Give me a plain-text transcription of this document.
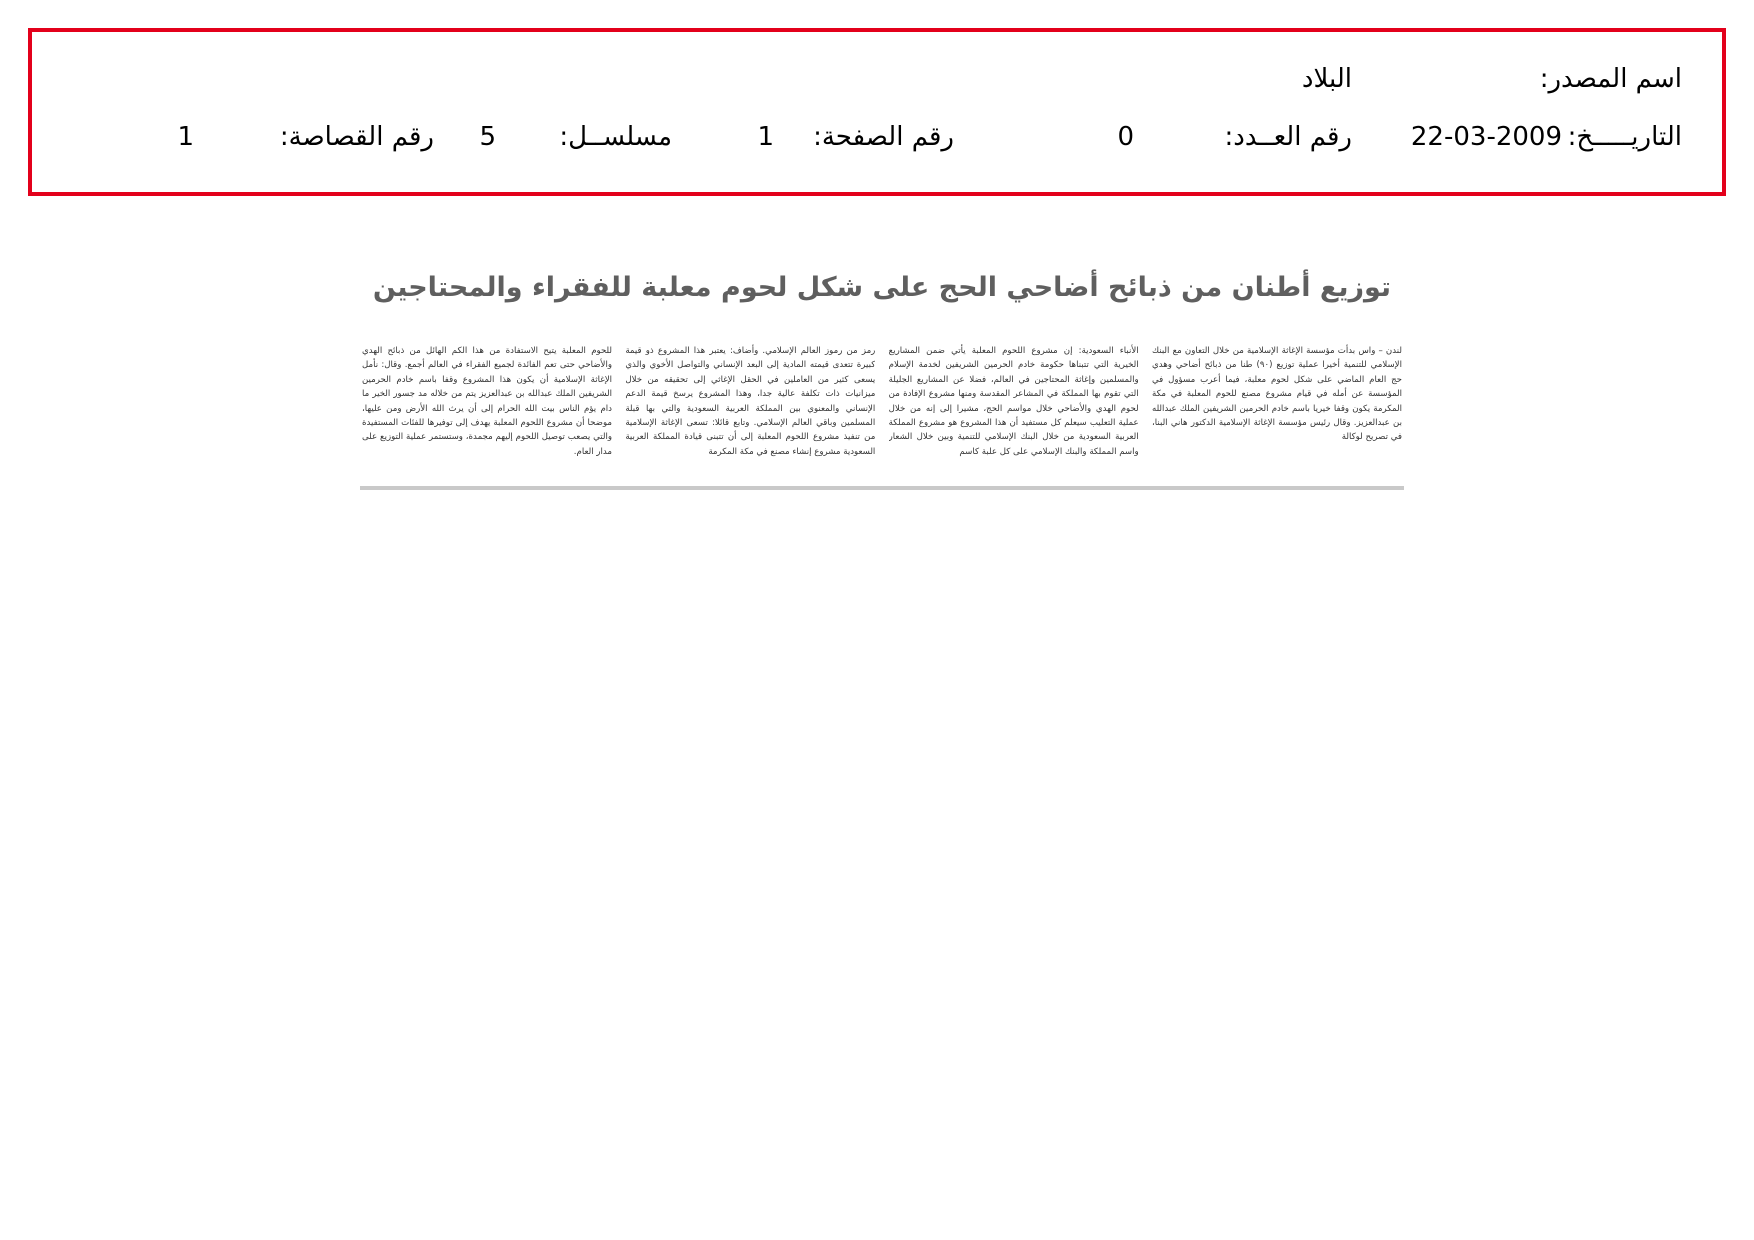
اسم المصدر:
البلاد
التاريـــــخ:
22-03-2009
رقم العــدد:
0
رقم الصفحة:
1
مسلســل:
5
رقم القصاصة:
1
توزيع أطنان من ذبائح أضاحي الحج على شكل لحوم معلبة للفقراء والمحتاجين

لندن – واس بدأت مؤسسة الإغاثة الإسلامية من خلال التعاون مع البنك الإسلامي للتنمية أخيرا عملية توزيع (٩٠) طنا من ذبائح أضاحي وهدي حج العام الماضي على شكل لحوم معلبة، فيما أعرب مسؤول في المؤسسة عن أمله في قيام مشروع مصنع للحوم المعلبة في مكة المكرمة يكون وقفا خيريا باسم خادم الحرمين الشريفين الملك عبدالله بن عبدالعزيز. وقال رئيس مؤسسة الإغاثة الإسلامية الدكتور هاني البنا، في تصريح لوكالة

الأنباء السعودية: إن مشروع اللحوم المعلبة يأتي ضمن المشاريع الخيرية التي تتبناها حكومة خادم الحرمين الشريفين لخدمة الإسلام والمسلمين وإغاثة المحتاجين في العالم، فضلا عن المشاريع الجليلة التي تقوم بها المملكة في المشاعر المقدسة ومنها مشروع الإفادة من لحوم الهدي والأضاحي خلال مواسم الحج، مشيرا إلى إنه من خلال عملية التعليب سيعلم كل مستفيد أن هذا المشروع هو مشروع المملكة العربية السعودية من خلال البنك الإسلامي للتنمية وبين خلال الشعار واسم المملكة والبنك الإسلامي على كل علبة كاسم

رمز من رموز العالم الإسلامي. وأضاف: يعتبر هذا المشروع ذو قيمة كبيرة تتعدى قيمته المادية إلى البعد الإنساني والتواصل الأخوي والذي يسعى كثير من العاملين في الحقل الإغاثي إلى تحقيقه من خلال ميزانيات ذات تكلفة عالية جدا، وهذا المشروع يرسخ قيمة الدعم الإنساني والمعنوي بين المملكة العربية السعودية والتي بها قبلة المسلمين وباقي العالم الإسلامي. وتابع قائلا: تسعى الإغاثة الإسلامية من تنفيذ مشروع اللحوم المعلبة إلى أن تتبنى قيادة المملكة العربية السعودية مشروع إنشاء مصنع في مكة المكرمة

للحوم المعلبة يتيح الاستفادة من هذا الكم الهائل من ذبائح الهدي والأضاحي حتى تعم الفائدة لجميع الفقراء في العالم أجمع. وقال: نأمل الإغاثة الإسلامية أن يكون هذا المشروع وقفا باسم خادم الحرمين الشريفين الملك عبدالله بن عبدالعزيز يتم من خلاله مد جسور الخير ما دام يؤم الناس بيت الله الحرام إلى أن يرث الله الأرض ومن عليها، موضحا أن مشروع اللحوم المعلبة يهدف إلى توفيرها للفئات المستفيدة والتي يصعب توصيل اللحوم إليهم مجمدة، وستستمر عملية التوزيع على مدار العام.
